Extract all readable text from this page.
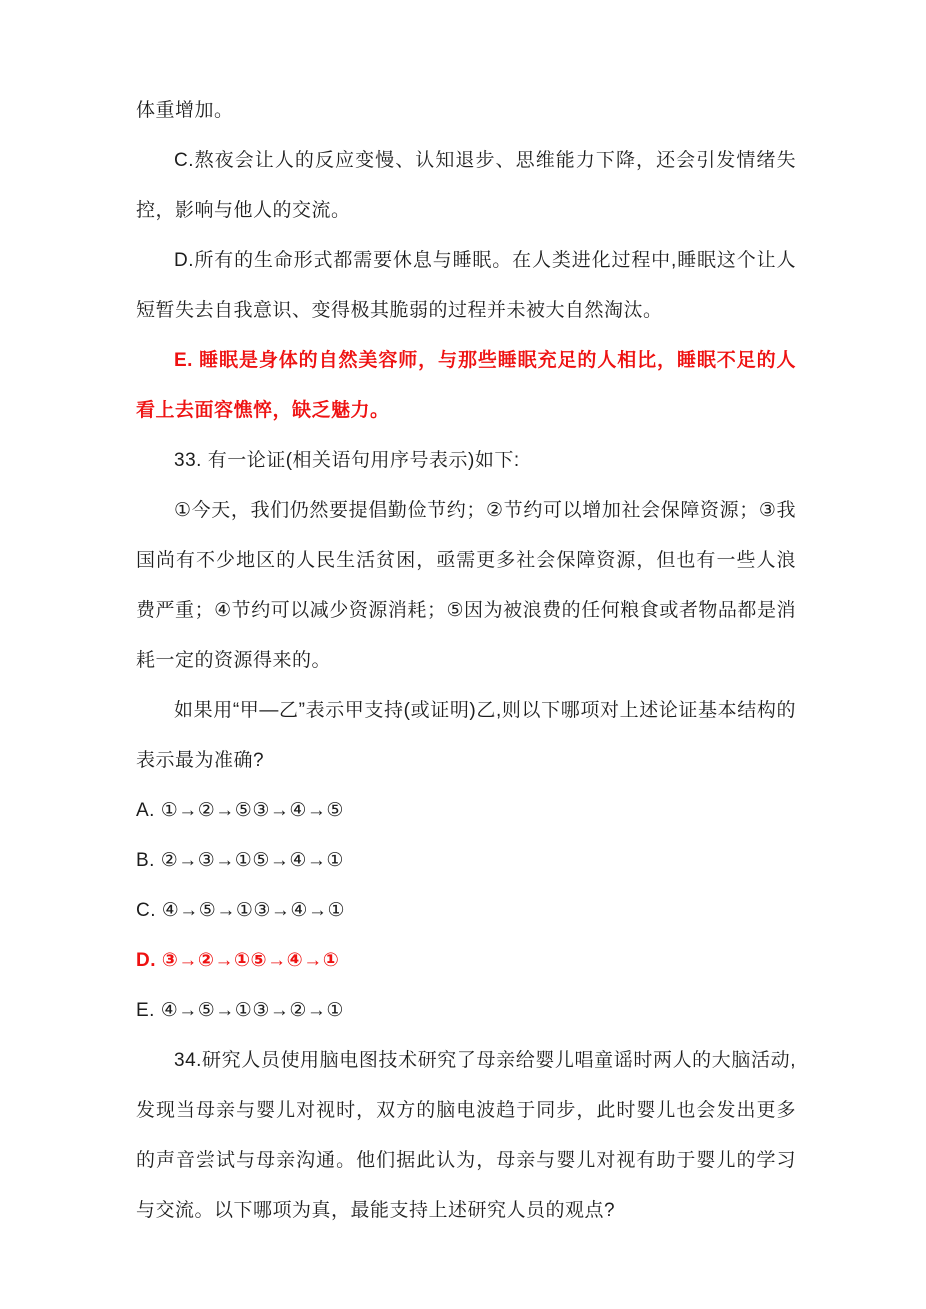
体重增加。

C.熬夜会让人的反应变慢、认知退步、思维能力下降，还会引发情绪失控，影响与他人的交流。

D.所有的生命形式都需要休息与睡眠。在人类进化过程中,睡眠这个让人短暂失去自我意识、变得极其脆弱的过程并未被大自然淘汰。

E. 睡眠是身体的自然美容师，与那些睡眠充足的人相比，睡眠不足的人看上去面容憔悴，缺乏魅力。

33. 有一论证(相关语句用序号表示)如下:

①今天，我们仍然要提倡勤俭节约；②节约可以增加社会保障资源；③我国尚有不少地区的人民生活贫困，亟需更多社会保障资源，但也有一些人浪费严重；④节约可以减少资源消耗；⑤因为被浪费的任何粮食或者物品都是消耗一定的资源得来的。

如果用“甲—乙”表示甲支持(或证明)乙,则以下哪项对上述论证基本结构的表示最为准确?

A. ①→②→⑤③→④→⑤

B. ②→③→①⑤→④→①

C. ④→⑤→①③→④→①

D. ③→②→①⑤→④→①

E. ④→⑤→①③→②→①

34.研究人员使用脑电图技术研究了母亲给婴儿唱童谣时两人的大脑活动,发现当母亲与婴儿对视时，双方的脑电波趋于同步，此时婴儿也会发出更多的声音尝试与母亲沟通。他们据此认为，母亲与婴儿对视有助于婴儿的学习与交流。以下哪项为真，最能支持上述研究人员的观点?
